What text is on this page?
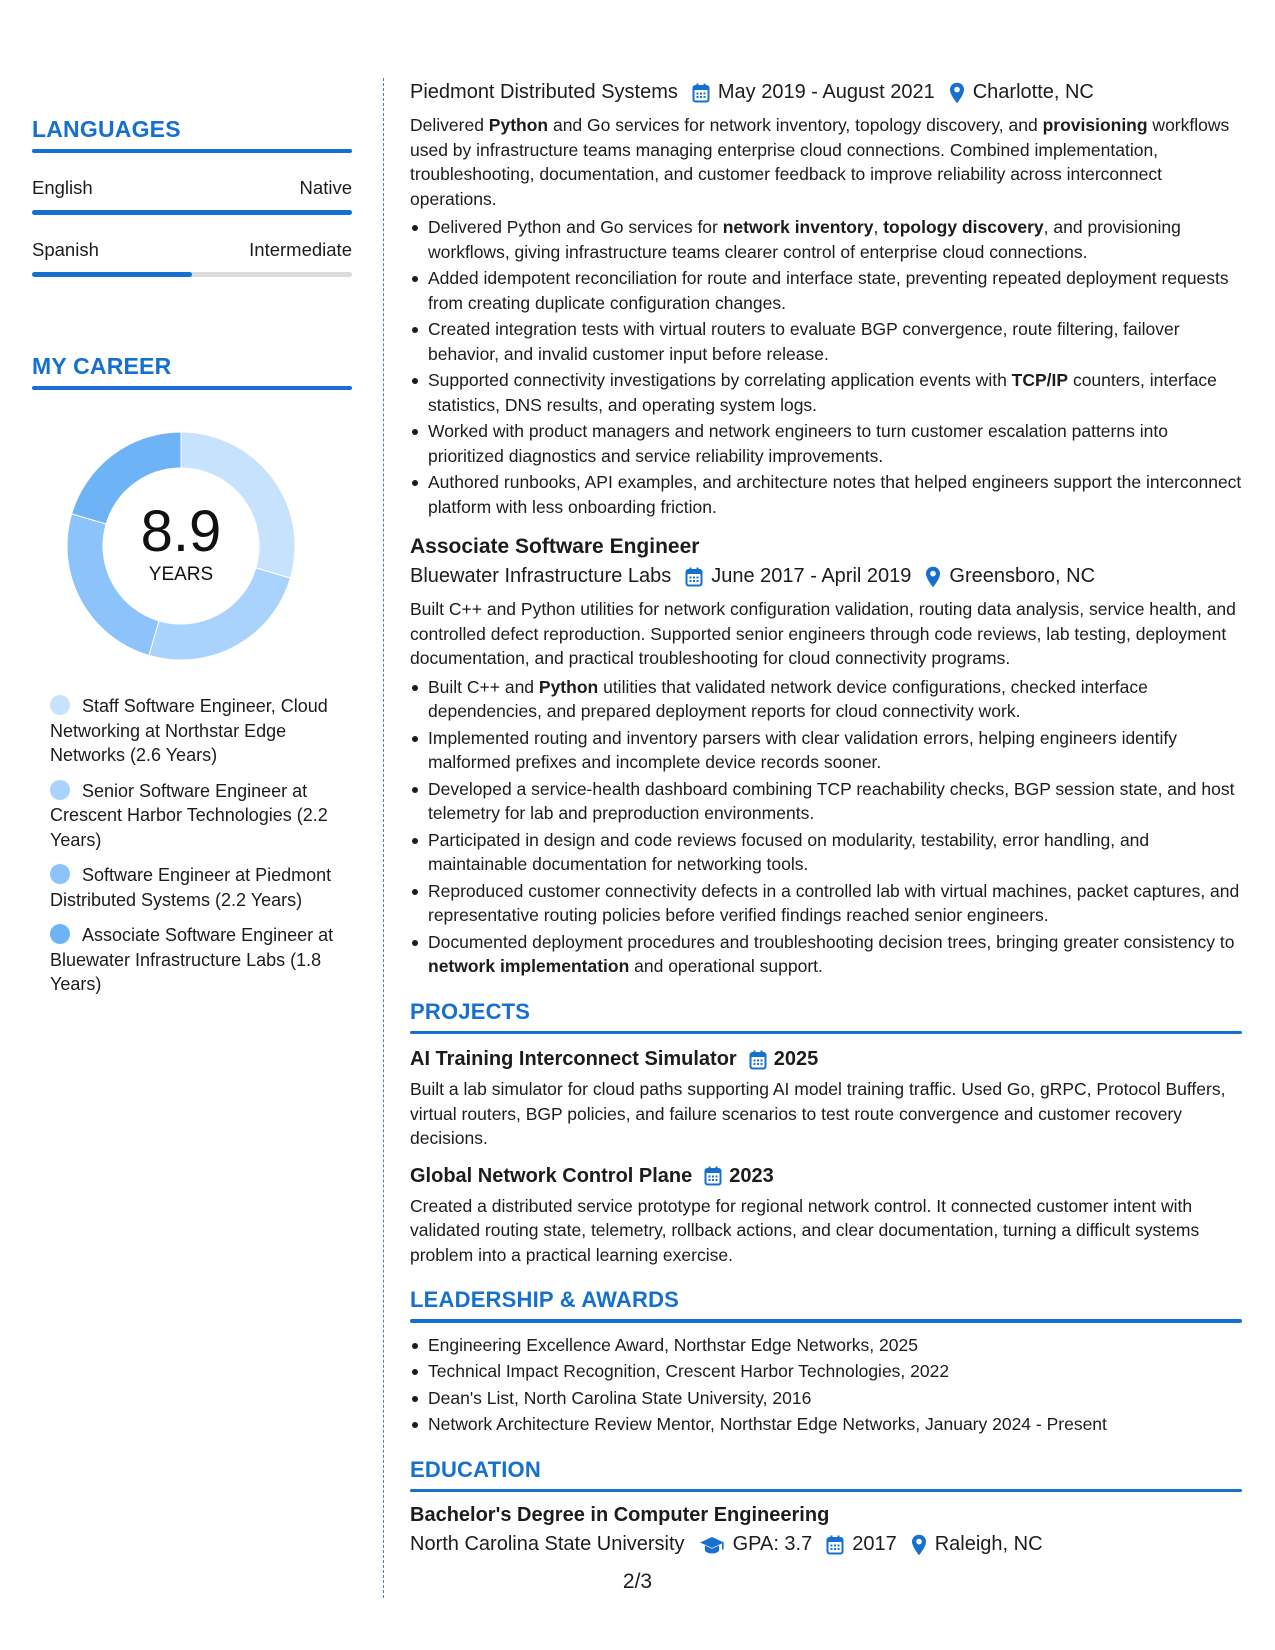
LANGUAGES
English	Native
Spanish	Intermediate
MY CAREER
8.9
YEARS
Staff Software Engineer, Cloud Networking at Northstar Edge Networks (2.6 Years)
Senior Software Engineer at Crescent Harbor Technologies (2.2 Years)
Software Engineer at Piedmont Distributed Systems (2.2 Years)
Associate Software Engineer at Bluewater Infrastructure Labs (1.8 Years)
Piedmont Distributed Systems May 2019 - August 2021 Charlotte, NC
Delivered Python and Go services for network inventory, topology discovery, and provisioning workflows used by infrastructure teams managing enterprise cloud connections. Combined implementation, troubleshooting, documentation, and customer feedback to improve reliability across interconnect operations.
Delivered Python and Go services for network inventory, topology discovery, and provisioning workflows, giving infrastructure teams clearer control of enterprise cloud connections.
Added idempotent reconciliation for route and interface state, preventing repeated deployment requests from creating duplicate configuration changes.
Created integration tests with virtual routers to evaluate BGP convergence, route filtering, failover behavior, and invalid customer input before release.
Supported connectivity investigations by correlating application events with TCP/IP counters, interface statistics, DNS results, and operating system logs.
Worked with product managers and network engineers to turn customer escalation patterns into prioritized diagnostics and service reliability improvements.
Authored runbooks, API examples, and architecture notes that helped engineers support the interconnect platform with less onboarding friction.
Associate Software Engineer
Bluewater Infrastructure Labs June 2017 - April 2019 Greensboro, NC
Built C++ and Python utilities for network configuration validation, routing data analysis, service health, and controlled defect reproduction. Supported senior engineers through code reviews, lab testing, deployment documentation, and practical troubleshooting for cloud connectivity programs.
Built C++ and Python utilities that validated network device configurations, checked interface dependencies, and prepared deployment reports for cloud connectivity work.
Implemented routing and inventory parsers with clear validation errors, helping engineers identify malformed prefixes and incomplete device records sooner.
Developed a service-health dashboard combining TCP reachability checks, BGP session state, and host telemetry for lab and preproduction environments.
Participated in design and code reviews focused on modularity, testability, error handling, and maintainable documentation for networking tools.
Reproduced customer connectivity defects in a controlled lab with virtual machines, packet captures, and representative routing policies before verified findings reached senior engineers.
Documented deployment procedures and troubleshooting decision trees, bringing greater consistency to network implementation and operational support.
PROJECTS
AI Training Interconnect Simulator 2025
Built a lab simulator for cloud paths supporting AI model training traffic. Used Go, gRPC, Protocol Buffers, virtual routers, BGP policies, and failure scenarios to test route convergence and customer recovery decisions.
Global Network Control Plane 2023
Created a distributed service prototype for regional network control. It connected customer intent with validated routing state, telemetry, rollback actions, and clear documentation, turning a difficult systems problem into a practical learning exercise.
LEADERSHIP & AWARDS
Engineering Excellence Award, Northstar Edge Networks, 2025
Technical Impact Recognition, Crescent Harbor Technologies, 2022
Dean's List, North Carolina State University, 2016
Network Architecture Review Mentor, Northstar Edge Networks, January 2024 - Present
EDUCATION
Bachelor's Degree in Computer Engineering
North Carolina State University GPA: 3.7 2017 Raleigh, NC
2/3
